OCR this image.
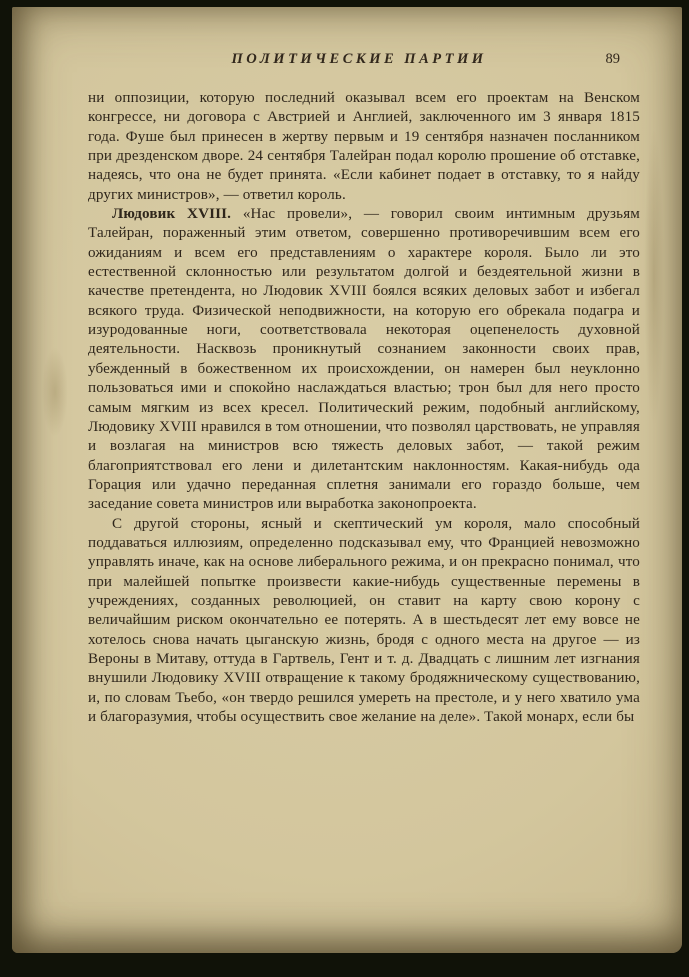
ПОЛИТИЧЕСКИЕ ПАРТИИ	89

ни оппозиции, которую последний оказывал всем его проектам на Венском конгрессе, ни договора с Австрией и Англией, заключенного им 3 января 1815 года. Фуше был принесен в жертву первым и 19 сентября назначен посланником при дрезденском дворе. 24 сентября Талейран подал королю прошение об отставке, надеясь, что она не будет принята. «Если кабинет подает в отставку, то я найду других министров», — ответил король.

Людовик XVIII. «Нас провели», — говорил своим интимным друзьям Талейран, пораженный этим ответом, совершенно противоречившим всем его ожиданиям и всем его представлениям о характере короля. Было ли это естественной склонностью или результатом долгой и бездеятельной жизни в качестве претендента, но Людовик XVIII боялся всяких деловых забот и избегал всякого труда. Физической неподвижности, на которую его обрекала подагра и изуродованные ноги, соответствовала некоторая оцепенелость духовной деятельности. Насквозь проникнутый сознанием законности своих прав, убежденный в божественном их происхождении, он намерен был неуклонно пользоваться ими и спокойно наслаждаться властью; трон был для него просто самым мягким из всех кресел. Политический режим, подобный английскому, Людовику XVIII нравился в том отношении, что позволял царствовать, не управляя и возлагая на министров всю тяжесть деловых забот, — такой режим благоприятствовал его лени и дилетантским наклонностям. Какая-нибудь ода Горация или удачно переданная сплетня занимали его гораздо больше, чем заседание совета министров или выработка законопроекта.

С другой стороны, ясный и скептический ум короля, мало способный поддаваться иллюзиям, определенно подсказывал ему, что Францией невозможно управлять иначе, как на основе либерального режима, и он прекрасно понимал, что при малейшей попытке произвести какие-нибудь существенные перемены в учреждениях, созданных революцией, он ставит на карту свою корону с величайшим риском окончательно ее потерять. А в шестьдесят лет ему вовсе не хотелось снова начать цыганскую жизнь, бродя с одного места на другое — из Вероны в Митаву, оттуда в Гартвель, Гент и т. д. Двадцать с лишним лет изгнания внушили Людовику XVIII отвращение к такому бродяжническому существованию, и, по словам Тьебо, «он твердо решился умереть на престоле, и у него хватило ума и благоразумия, чтобы осуществить свое желание на деле». Такой монарх, если бы
